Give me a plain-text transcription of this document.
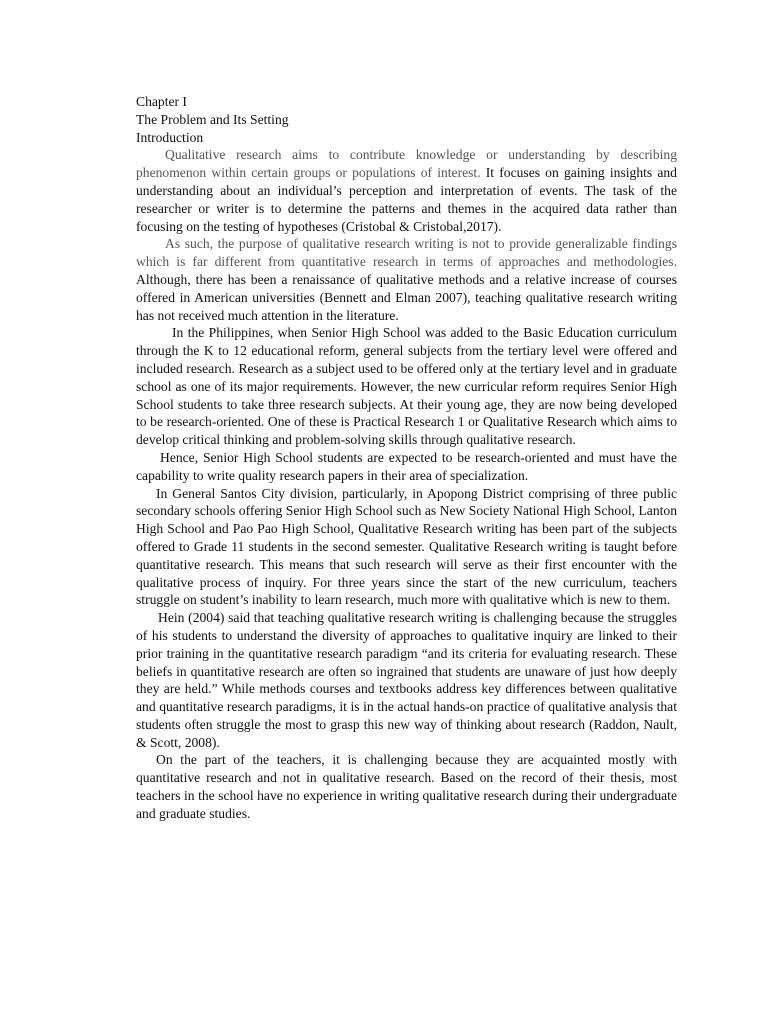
Chapter I

The Problem and Its Setting

Introduction

Qualitative research aims to contribute knowledge or understanding by describing phenomenon within certain groups or populations of interest. It focuses on gaining insights and understanding about an individual’s perception and interpretation of events. The task of the researcher or writer is to determine the patterns and themes in the acquired data rather than focusing on the testing of hypotheses (Cristobal & Cristobal,2017).

As such, the purpose of qualitative research writing is not to provide generalizable findings which is far different from quantitative research in terms of approaches and methodologies. Although, there has been a renaissance of qualitative methods and a relative increase of courses offered in American universities (Bennett and Elman 2007), teaching qualitative research writing has not received much attention in the literature.

In the Philippines, when Senior High School was added to the Basic Education curriculum through the K to 12 educational reform, general subjects from the tertiary level were offered and included research. Research as a subject used to be offered only at the tertiary level and in graduate school as one of its major requirements. However, the new curricular reform requires Senior High School students to take three research subjects. At their young age, they are now being developed to be research-oriented. One of these is Practical Research 1 or Qualitative Research which aims to develop critical thinking and problem-solving skills through qualitative research.

Hence, Senior High School students are expected to be research-oriented and must have the capability to write quality research papers in their area of specialization.

In General Santos City division, particularly, in Apopong District comprising of three public secondary schools offering Senior High School such as New Society National High School, Lanton High School and Pao Pao High School, Qualitative Research writing has been part of the subjects offered to Grade 11 students in the second semester. Qualitative Research writing is taught before quantitative research. This means that such research will serve as their first encounter with the qualitative process of inquiry. For three years since the start of the new curriculum, teachers struggle on student’s inability to learn research, much more with qualitative which is new to them.

Hein (2004) said that teaching qualitative research writing is challenging because the struggles of his students to understand the diversity of approaches to qualitative inquiry are linked to their prior training in the quantitative research paradigm “and its criteria for evaluating research. These beliefs in quantitative research are often so ingrained that students are unaware of just how deeply they are held.” While methods courses and textbooks address key differences between qualitative and quantitative research paradigms, it is in the actual hands-on practice of qualitative analysis that students often struggle the most to grasp this new way of thinking about research (Raddon, Nault, & Scott, 2008).

On the part of the teachers, it is challenging because they are acquainted mostly with quantitative research and not in qualitative research. Based on the record of their thesis, most teachers in the school have no experience in writing qualitative research during their undergraduate and graduate studies.
